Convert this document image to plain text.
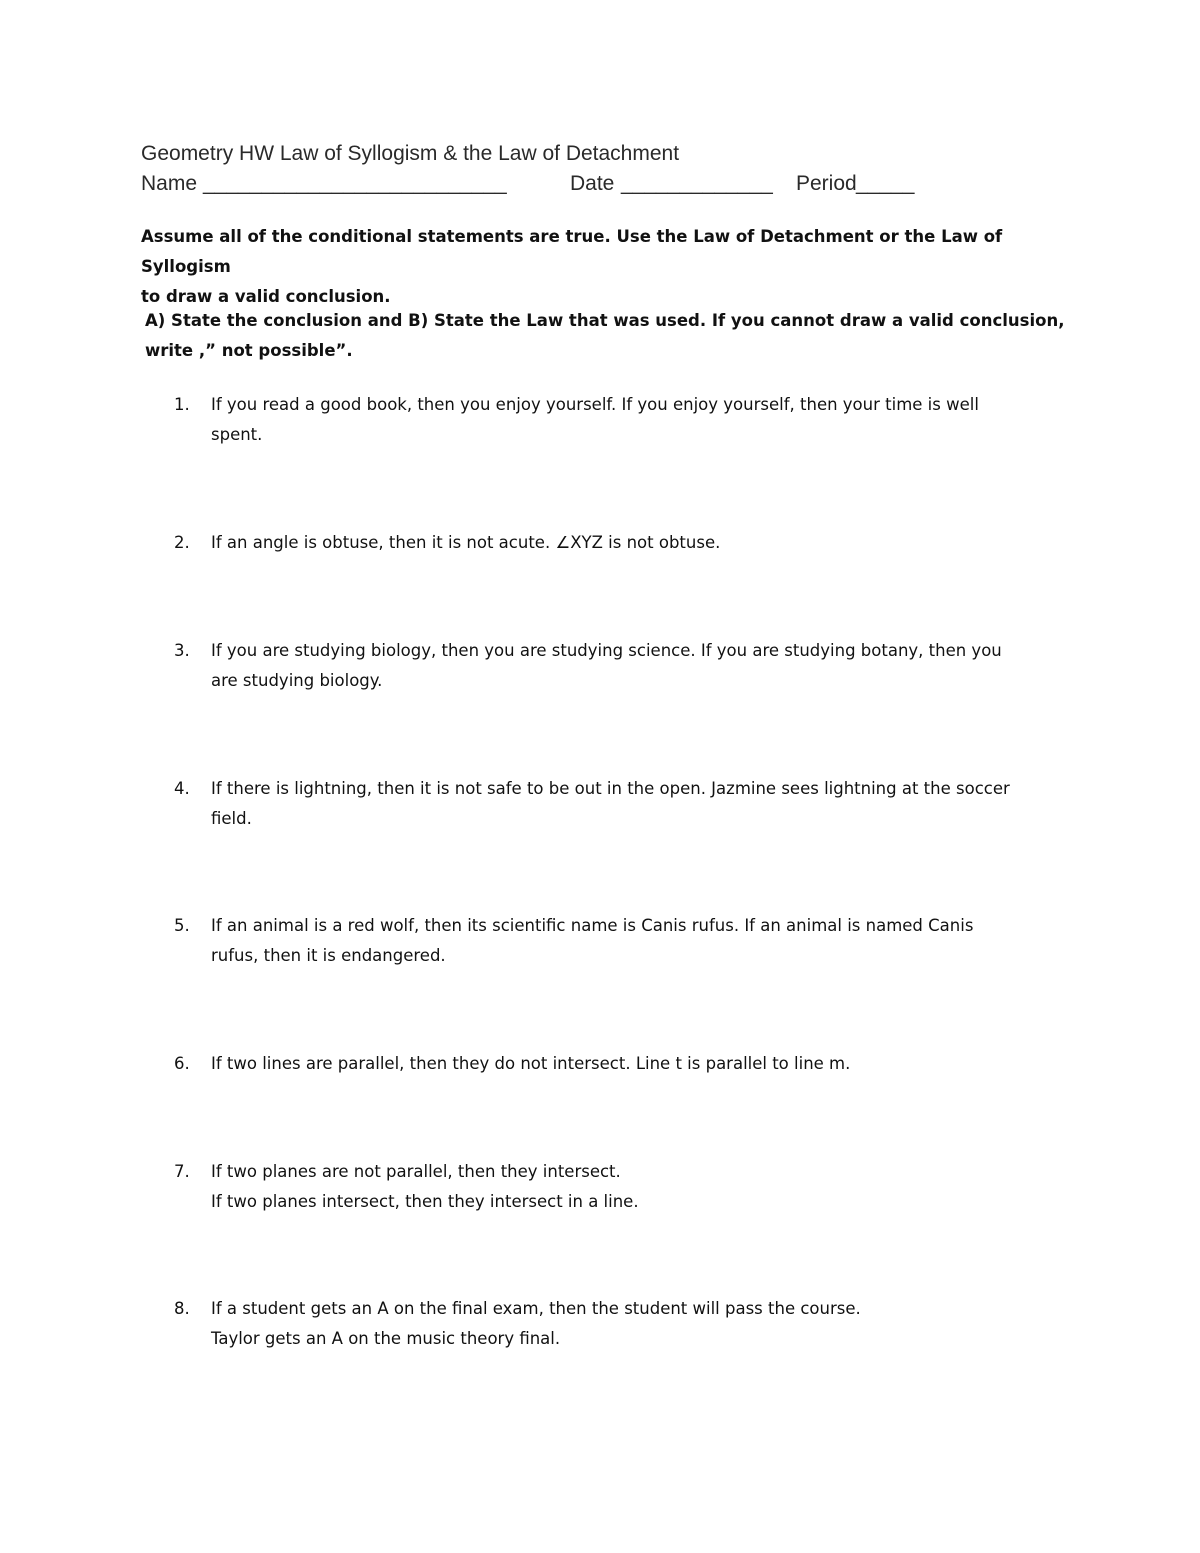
Geometry HW Law of Syllogism & the Law of Detachment
Name __________________________	Date _____________ Period _____
Assume all of the conditional statements are true. Use the Law of Detachment or the Law of Syllogism
to draw a valid conclusion.
A) State the conclusion and B) State the Law that was used. If you cannot draw a valid conclusion,
write ,” not possible”.
1. If you read a good book, then you enjoy yourself. If you enjoy yourself, then your time is well
spent.
2. If an angle is obtuse, then it is not acute. ∠XYZ is not obtuse.
3. If you are studying biology, then you are studying science. If you are studying botany, then you
are studying biology.
4. If there is lightning, then it is not safe to be out in the open. Jazmine sees lightning at the soccer
field.
5. If an animal is a red wolf, then its scientific name is Canis rufus. If an animal is named Canis
rufus, then it is endangered.
6. If two lines are parallel, then they do not intersect. Line t is parallel to line m.
7. If two planes are not parallel, then they intersect.
If two planes intersect, then they intersect in a line.
8. If a student gets an A on the final exam, then the student will pass the course.
Taylor gets an A on the music theory final.
